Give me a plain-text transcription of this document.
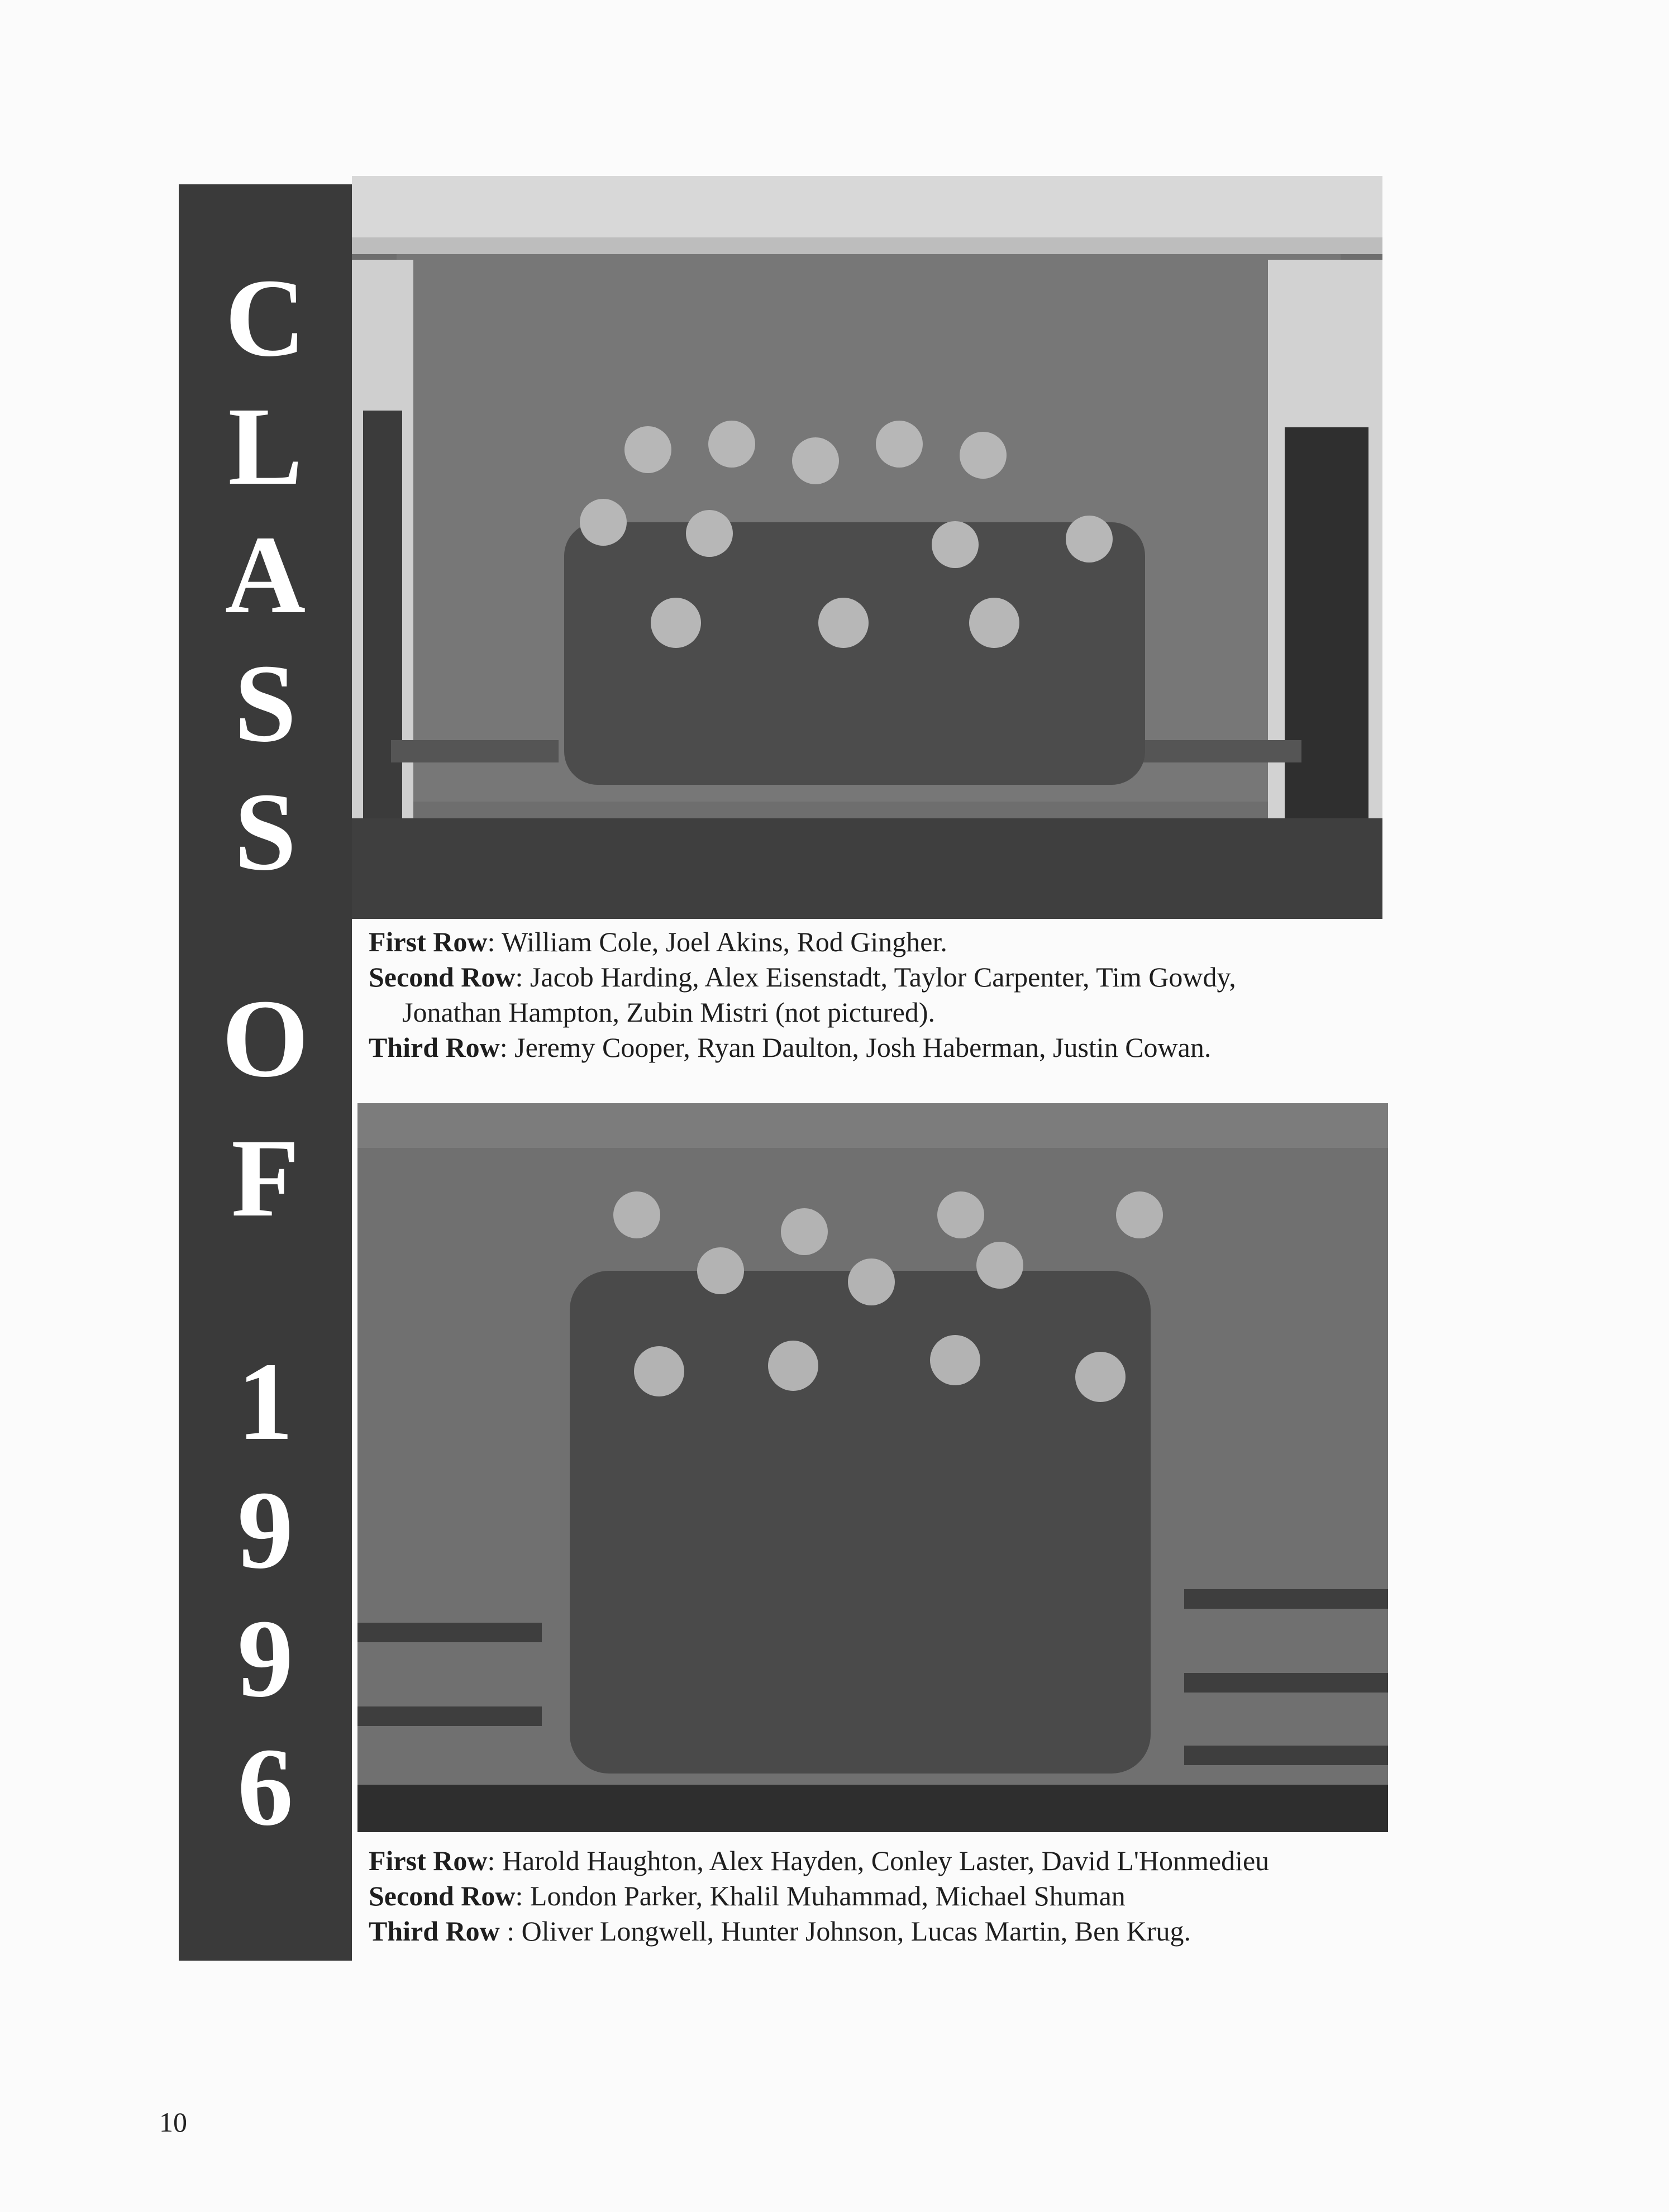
C
L
A
S
S
O
F
1
9
9
6
First Row: William Cole, Joel Akins, Rod Gingher.
Second Row: Jacob Harding, Alex Eisenstadt, Taylor Carpenter, Tim Gowdy,
Jonathan Hampton, Zubin Mistri (not pictured).
Third Row: Jeremy Cooper, Ryan Daulton, Josh Haberman, Justin Cowan.
First Row: Harold Haughton, Alex Hayden, Conley Laster, David L'Honmedieu
Second Row: London Parker, Khalil Muhammad, Michael Shuman
Third Row : Oliver Longwell, Hunter Johnson, Lucas Martin, Ben Krug.
10
